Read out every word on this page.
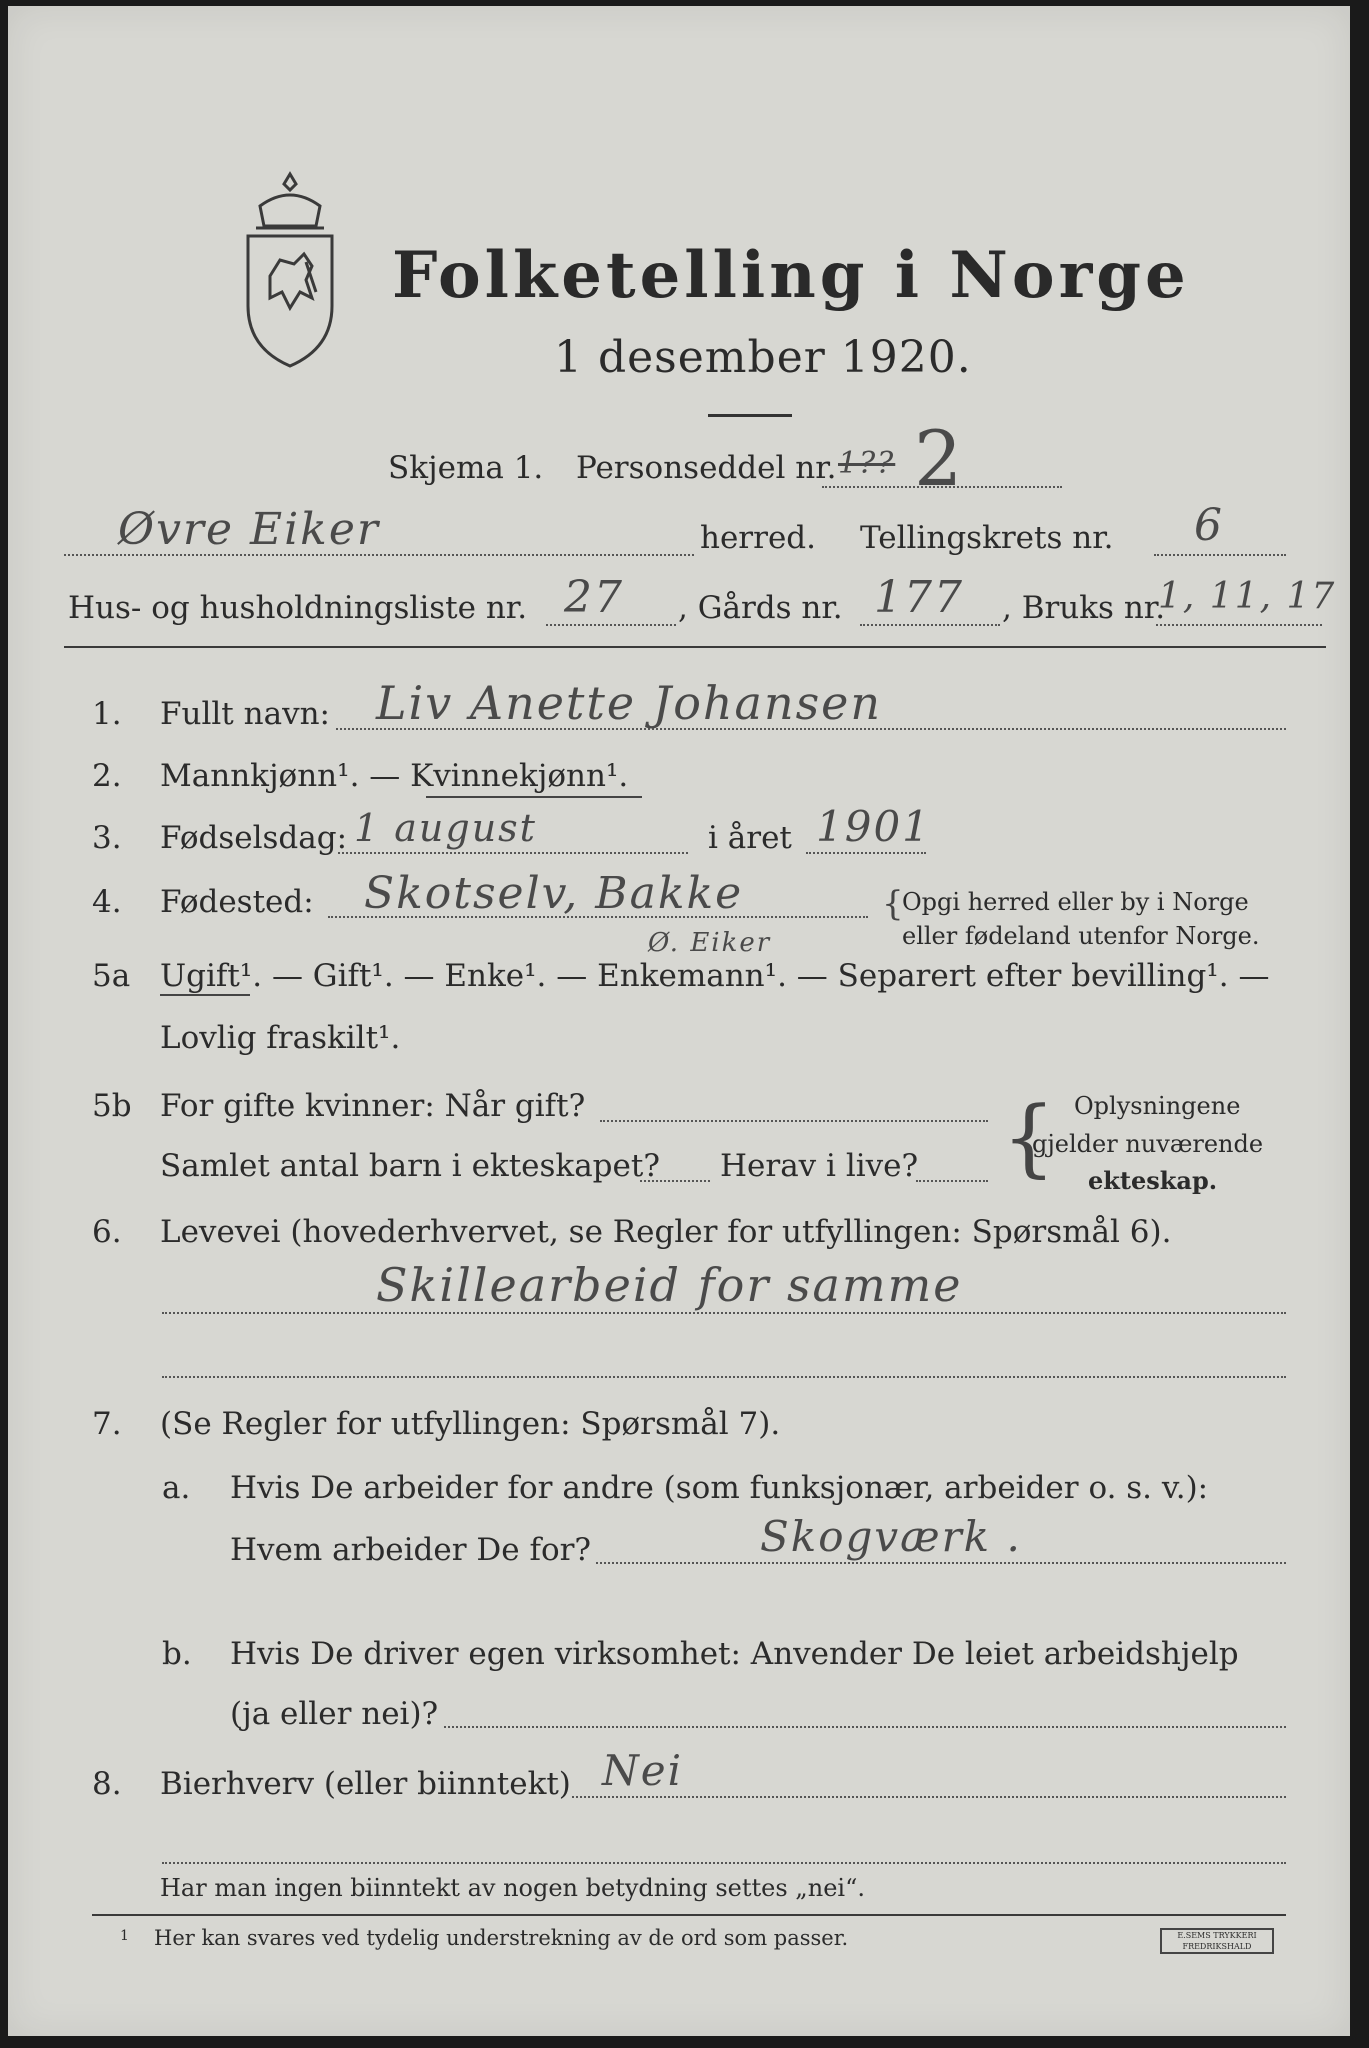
Folketelling i Norge
1 desember 1920.
Skjema 1. Personseddel nr. 1?? 2
Øvre Eiker	herred. Tellingskrets nr. 6
Hus- og husholdningsliste nr. 27 , Gårds nr. 177 , Bruks nr.
1, 11, 17
1. Fullt navn: Liv Anette Johansen
2. Mannkjønn¹. — Kvinnekjønn¹.
3. Fødselsdag: 1 august	i året 1901
4. Fødested: Skotselv, Bakke
Ø. Eiker
{
Opgi herred eller by i Norge
eller fødeland utenfor Norge.
5a Ugift¹. — Gift¹. — Enke¹. — Enkemann¹. — Separert efter bevilling¹. —
Lovlig fraskilt¹.
5b For gifte kvinner: Når gift?
Samlet antal barn i ekteskapet? Herav i live? { Oplysningene
gjelder nuværende
ekteskap.
6. Levevei (hovederhvervet, se Regler for utfyllingen: Spørsmål 6).
Skillearbeid for samme
7. (Se Regler for utfyllingen: Spørsmål 7).
a. Hvis De arbeider for andre (som funksjonær, arbeider o. s. v.):
Hvem arbeider De for?	Skogværk .
b. Hvis De driver egen virksomhet: Anvender De leiet arbeidshjelp
(ja eller nei)?
8. Bierhverv (eller biinntekt) Nei
Har man ingen biinntekt av nogen betydning settes „nei“.
1 Her kan svares ved tydelig understrekning av de ord som passer.	E.SEMS TRYKKERI FREDRIKSHALD
